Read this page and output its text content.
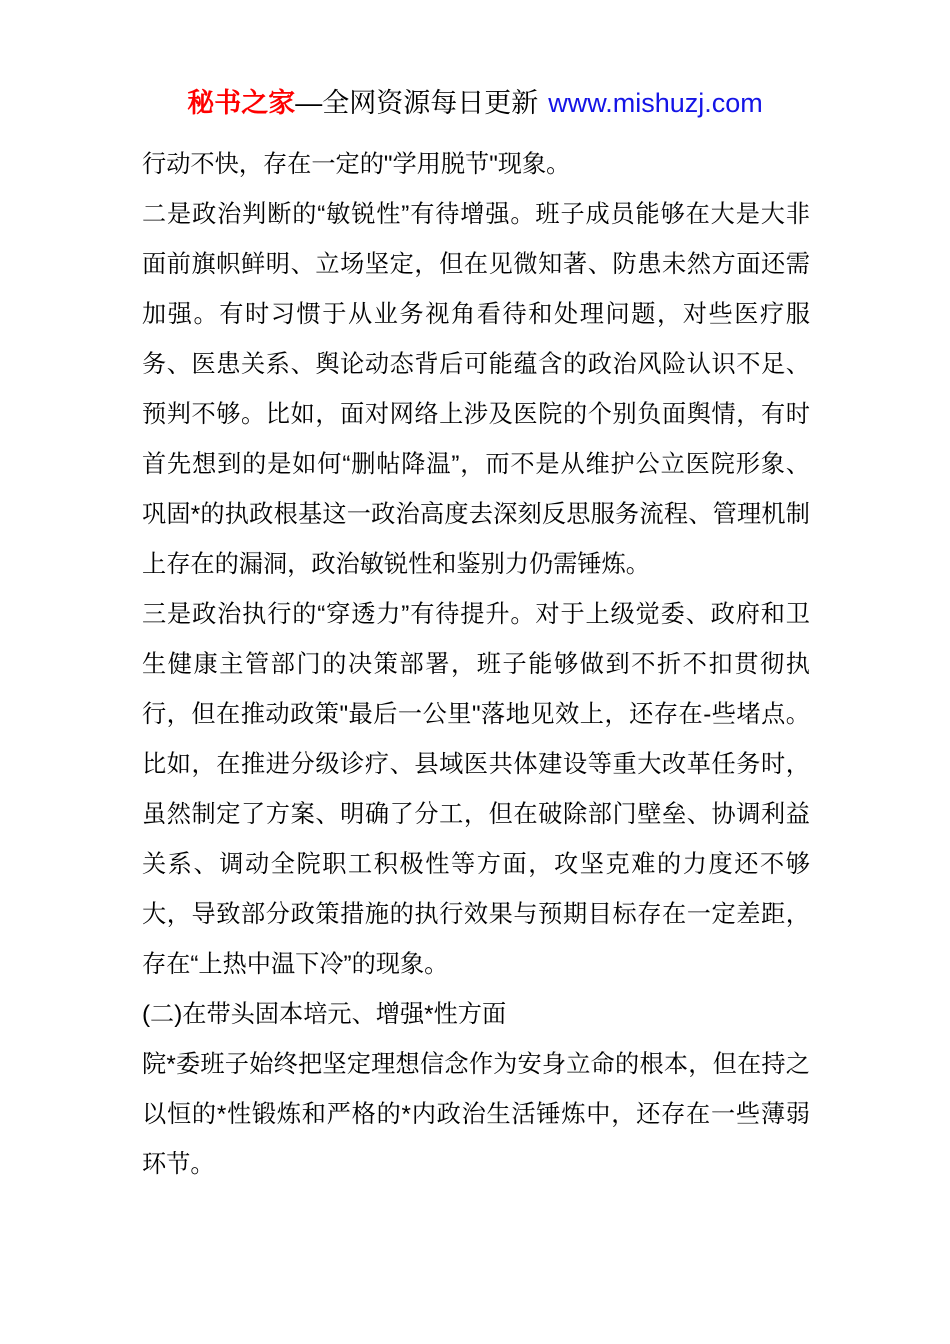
秘书之家—全网资源每日更新 www.mishuzj.com

行动不快，存在一定的"学用脱节"现象。

二是政治判断的“敏锐性”有待增强。班子成员能够在大是大非面前旗帜鲜明、立场坚定，但在见微知著、防患未然方面还需加强。有时习惯于从业务视角看待和处理问题，对些医疗服务、医患关系、舆论动态背后可能蕴含的政治风险认识不足、预判不够。比如，面对网络上涉及医院的个别负面舆情，有时首先想到的是如何“删帖降温”，而不是从维护公立医院形象、巩固*的执政根基这一政治高度去深刻反思服务流程、管理机制上存在的漏洞，政治敏锐性和鉴别力仍需锤炼。

三是政治执行的“穿透力”有待提升。对于上级觉委、政府和卫生健康主管部门的决策部署，班子能够做到不折不扣贯彻执行，但在推动政策"最后一公里"落地见效上，还存在-些堵点。比如，在推进分级诊疗、县域医共体建设等重大改革任务时，虽然制定了方案、明确了分工，但在破除部门壁垒、协调利益关系、调动全院职工积极性等方面，攻坚克难的力度还不够大，导致部分政策措施的执行效果与预期目标存在一定差距，存在“上热中温下冷”的现象。

(二)在带头固本培元、增强*性方面

院*委班子始终把坚定理想信念作为安身立命的根本，但在持之以恒的*性锻炼和严格的*内政治生活锤炼中，还存在一些薄弱环节。
